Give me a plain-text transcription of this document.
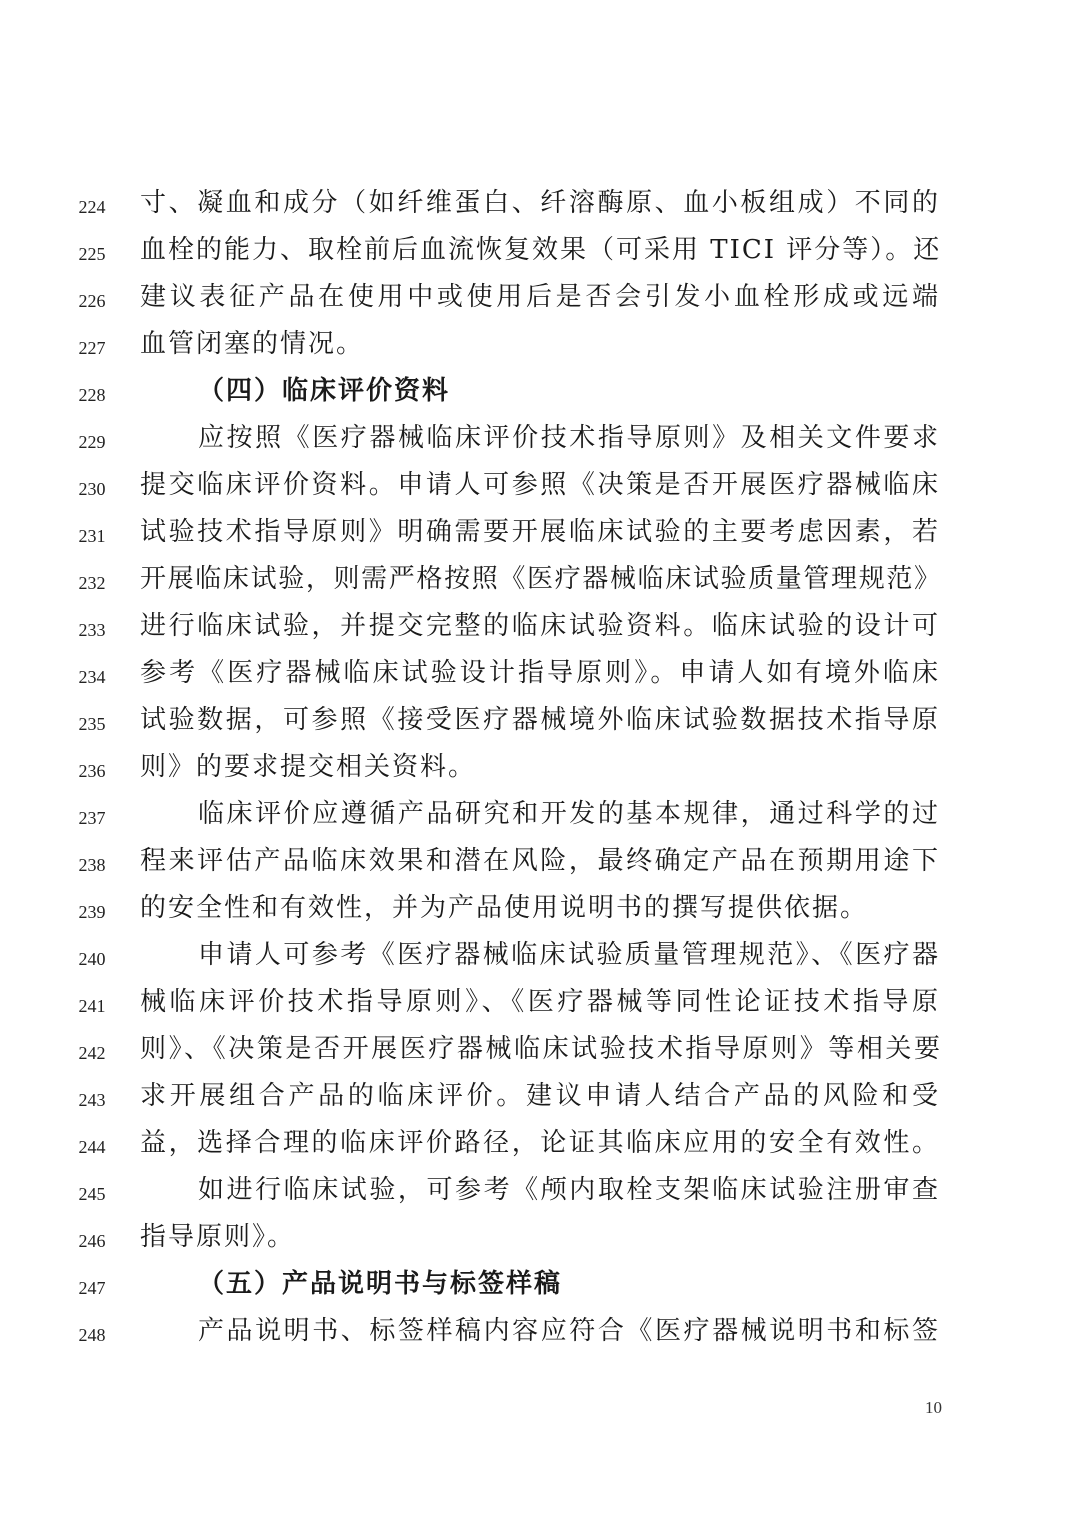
224	寸、凝血和成分（如纤维蛋白、纤溶酶原、血小板组成）不同的
225	血栓的能力、取栓前后血流恢复效果（可采用 TICI 评分等）。还
226	建议表征产品在使用中或使用后是否会引发小血栓形成或远端
227	血管闭塞的情况。
228	（四）临床评价资料
229	应按照《医疗器械临床评价技术指导原则》及相关文件要求
230	提交临床评价资料。申请人可参照《决策是否开展医疗器械临床
231	试验技术指导原则》明确需要开展临床试验的主要考虑因素，若
232	开展临床试验，则需严格按照《医疗器械临床试验质量管理规范》
233	进行临床试验，并提交完整的临床试验资料。临床试验的设计可
234	参考《医疗器械临床试验设计指导原则》。申请人如有境外临床
235	试验数据，可参照《接受医疗器械境外临床试验数据技术指导原
236	则》的要求提交相关资料。
237	临床评价应遵循产品研究和开发的基本规律，通过科学的过
238	程来评估产品临床效果和潜在风险，最终确定产品在预期用途下
239	的安全性和有效性，并为产品使用说明书的撰写提供依据。
240	申请人可参考《医疗器械临床试验质量管理规范》、《医疗器
241	械临床评价技术指导原则》、《医疗器械等同性论证技术指导原
242	则》、《决策是否开展医疗器械临床试验技术指导原则》等相关要
243	求开展组合产品的临床评价。建议申请人结合产品的风险和受
244	益，选择合理的临床评价路径，论证其临床应用的安全有效性。
245	如进行临床试验，可参考《颅内取栓支架临床试验注册审查
246	指导原则》。
247	（五）产品说明书与标签样稿
248	产品说明书、标签样稿内容应符合《医疗器械说明书和标签
10
